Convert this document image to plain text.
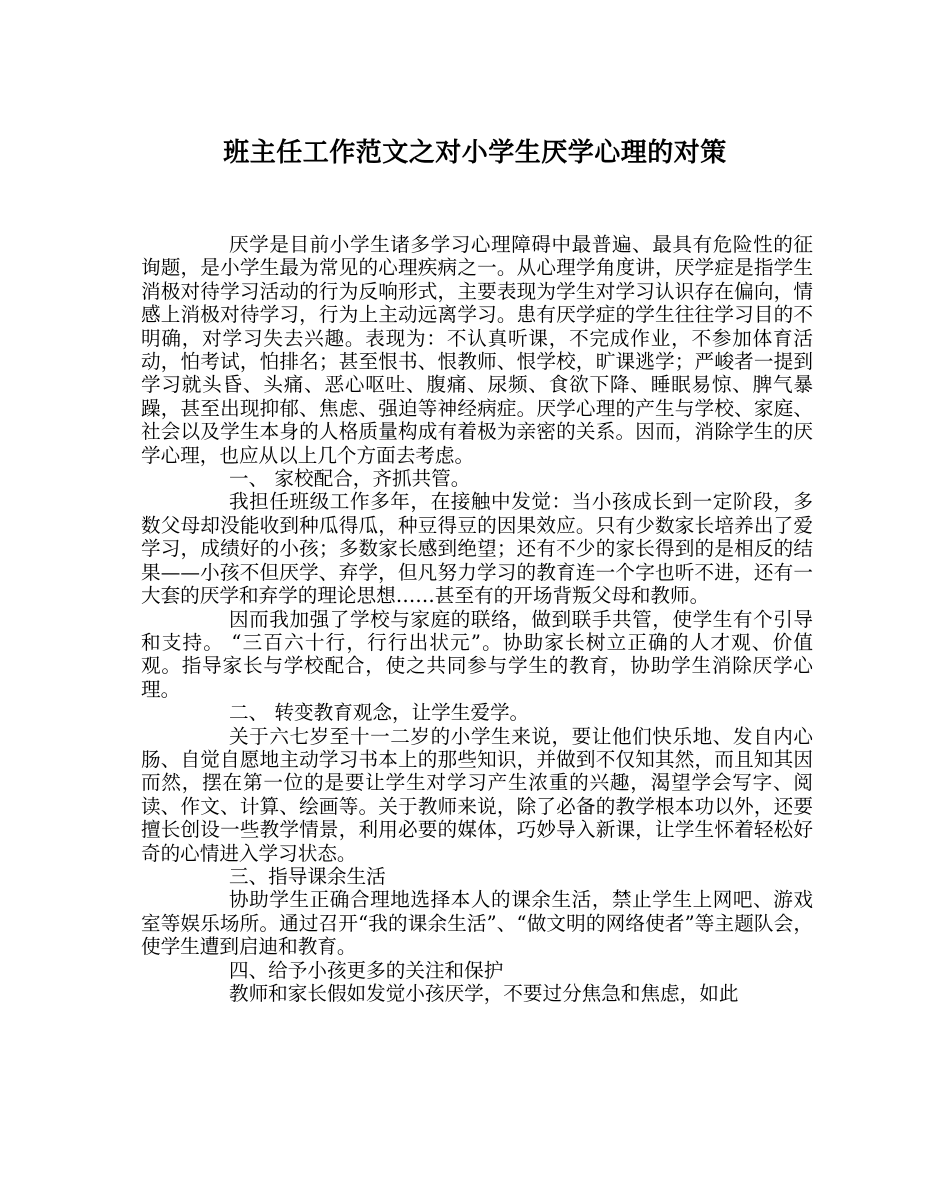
班主任工作范文之对小学生厌学心理的对策

厌学是目前小学生诸多学习心理障碍中最普遍、最具有危险性的征询题，是小学生最为常见的心理疾病之一。从心理学角度讲，厌学症是指学生消极对待学习活动的行为反响形式，主要表现为学生对学习认识存在偏向，情感上消极对待学习，行为上主动远离学习。患有厌学症的学生往往学习目的不明确，对学习失去兴趣。表现为：不认真听课，不完成作业，不参加体育活动，怕考试，怕排名；甚至恨书、恨教师、恨学校，旷课逃学；严峻者一提到学习就头昏、头痛、恶心呕吐、腹痛、尿频、食欲下降、睡眠易惊、脾气暴躁，甚至出现抑郁、焦虑、强迫等神经病症。厌学心理的产生与学校、家庭、社会以及学生本身的人格质量构成有着极为亲密的关系。因而，消除学生的厌学心理，也应从以上几个方面去考虑。

一、 家校配合，齐抓共管。

我担任班级工作多年，在接触中发觉：当小孩成长到一定阶段，多数父母却没能收到种瓜得瓜，种豆得豆的因果效应。只有少数家长培养出了爱学习，成绩好的小孩；多数家长感到绝望；还有不少的家长得到的是相反的结果——小孩不但厌学、弃学，但凡努力学习的教育连一个字也听不进，还有一大套的厌学和弃学的理论思想……甚至有的开场背叛父母和教师。

因而我加强了学校与家庭的联络，做到联手共管，使学生有个引导和支持。 “三百六十行，行行出状元”。协助家长树立正确的人才观、价值观。指导家长与学校配合，使之共同参与学生的教育，协助学生消除厌学心理。

二、 转变教育观念，让学生爱学。

关于六七岁至十一二岁的小学生来说，要让他们快乐地、发自内心肠、自觉自愿地主动学习书本上的那些知识，并做到不仅知其然，而且知其因而然，摆在第一位的是要让学生对学习产生浓重的兴趣，渴望学会写字、阅读、作文、计算、绘画等。关于教师来说，除了必备的教学根本功以外，还要擅长创设一些教学情景，利用必要的媒体，巧妙导入新课，让学生怀着轻松好奇的心情进入学习状态。

三、指导课余生活

协助学生正确合理地选择本人的课余生活，禁止学生上网吧、游戏室等娱乐场所。通过召开“我的课余生活”、“做文明的网络使者”等主题队会，使学生遭到启迪和教育。

四、给予小孩更多的关注和保护

教师和家长假如发觉小孩厌学，不要过分焦急和焦虑，如此
